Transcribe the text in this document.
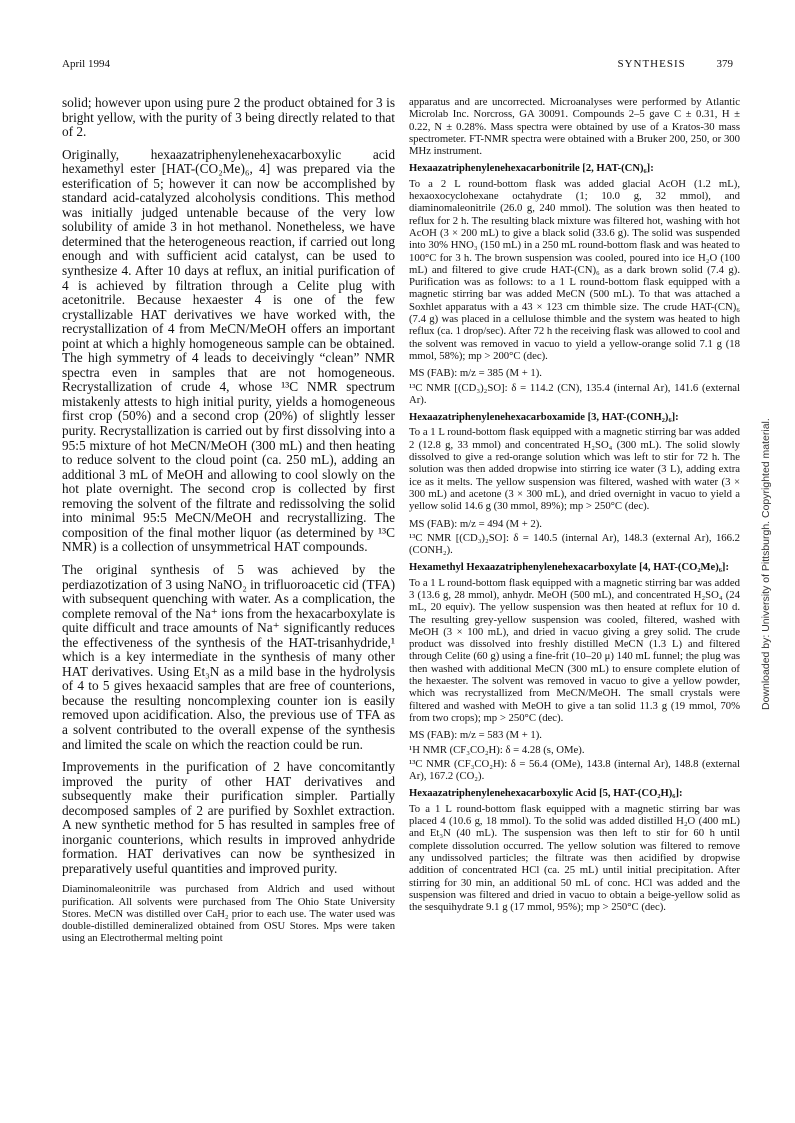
April 1994	SYNTHESIS	379

solid; however upon using pure 2 the product obtained for 3 is bright yellow, with the purity of 3 being directly related to that of 2.

Originally, hexaazatriphenylenehexacarboxylic acid hexamethyl ester [HAT-(CO₂Me)₆, 4] was prepared via the esterification of 5; however it can now be accomplished by standard acid-catalyzed alcoholysis conditions. This method was initially judged untenable because of the very low solubility of amide 3 in hot methanol. Nonetheless, we have determined that the heterogeneous reaction, if carried out long enough and with sufficient acid catalyst, can be used to synthesize 4. After 10 days at reflux, an initial purification of 4 is achieved by filtration through a Celite plug with acetonitrile. Because hexaester 4 is one of the few crystallizable HAT derivatives we have worked with, the recrystallization of 4 from MeCN/MeOH offers an important point at which a highly homogeneous sample can be obtained. The high symmetry of 4 leads to deceivingly “clean” NMR spectra even in samples that are not homogeneous. Recrystallization of crude 4, whose ¹³C NMR spectrum mistakenly attests to high initial purity, yields a homogeneous first crop (50%) and a second crop (20%) of slightly lesser purity. Recrystallization is carried out by first dissolving into a 95:5 mixture of hot MeCN/MeOH (300 mL) and then heating to reduce solvent to the cloud point (ca. 250 mL), adding an additional 3 mL of MeOH and allowing to cool slowly on the hot plate overnight. The second crop is collected by first removing the solvent of the filtrate and redissolving the solid into minimal 95:5 MeCN/MeOH and recrystallizing. The composition of the final mother liquor (as determined by ¹³C NMR) is a collection of unsymmetrical HAT compounds.

The original synthesis of 5 was achieved by the perdiazotization of 3 using NaNO₂ in trifluoroacetic cid (TFA) with subsequent quenching with water. As a complication, the complete removal of the Na⁺ ions from the hexacarboxylate is quite difficult and trace amounts of Na⁺ significantly reduces the effectiveness of the synthesis of the HAT-trisanhydride,¹ which is a key intermediate in the synthesis of many other HAT derivatives. Using Et₃N as a mild base in the hydrolysis of 4 to 5 gives hexaacid samples that are free of counterions, because the resulting noncomplexing counter ion is easily removed upon acidification. Also, the previous use of TFA as a solvent contributed to the overall expense of the synthesis and limited the scale on which the reaction could be run.

Improvements in the purification of 2 have concomitantly improved the purity of other HAT derivatives and subsequently make their purification simpler. Partially decomposed samples of 2 are purified by Soxhlet extraction. A new synthetic method for 5 has resulted in samples free of inorganic counterions, which results in improved anhydride formation. HAT derivatives can now be synthesized in preparatively useful quantities and improved purity.

Diaminomaleonitrile was purchased from Aldrich and used without purification. All solvents were purchased from The Ohio State University Stores. MeCN was distilled over CaH₂ prior to each use. The water used was double-distilled demineralized obtained from OSU Stores. Mps were taken using an Electrothermal melting point

apparatus and are uncorrected. Microanalyses were performed by Atlantic Microlab Inc. Norcross, GA 30091. Compounds 2–5 gave C ± 0.31, H ± 0.22, N ± 0.28%. Mass spectra were obtained by use of a Kratos-30 mass spectrometer. FT-NMR spectra were obtained with a Bruker 200, 250, or 300 MHz instrument.

Hexaazatriphenylenehexacarbonitrile [2, HAT-(CN)₆]:

To a 2 L round-bottom flask was added glacial AcOH (1.2 mL), hexaoxocyclohexane octahydrate (1; 10.0 g, 32 mmol), and diaminomaleonitrile (26.0 g, 240 mmol). The solution was then heated to reflux for 2 h. The resulting black mixture was filtered hot, washing with hot AcOH (3 × 200 mL) to give a black solid (33.6 g). The solid was suspended into 30% HNO₃ (150 mL) in a 250 mL round-bottom flask and was heated to 100°C for 3 h. The brown suspension was cooled, poured into ice H₂O (100 mL) and filtered to give crude HAT-(CN)₆ as a dark brown solid (7.4 g). Purification was as follows: to a 1 L round-bottom flask equipped with a magnetic stirring bar was added MeCN (500 mL). To that was attached a Soxhlet apparatus with a 43 × 123 cm thimble size. The crude HAT-(CN)₆ (7.4 g) was placed in a cellulose thimble and the system was heated to high reflux (ca. 1 drop/sec). After 72 h the receiving flask was allowed to cool and the solvent was removed in vacuo to yield a yellow-orange solid 7.1 g (18 mmol, 58%); mp > 200°C (dec).

MS (FAB): m/z = 385 (M + 1).

¹³C NMR [(CD₃)₂SO]: δ = 114.2 (CN), 135.4 (internal Ar), 141.6 (external Ar).

Hexaazatriphenylenehexacarboxamide [3, HAT-(CONH₂)₆]:

To a 1 L round-bottom flask equipped with a magnetic stirring bar was added 2 (12.8 g, 33 mmol) and concentrated H₂SO₄ (300 mL). The solid slowly dissolved to give a red-orange solution which was left to stir for 72 h. The solution was then added dropwise into stirring ice water (3 L), adding extra ice as it melts. The yellow suspension was filtered, washed with water (3 × 300 mL) and acetone (3 × 300 mL), and dried overnight in vacuo to yield a yellow solid 14.6 g (30 mmol, 89%); mp > 250°C (dec).

MS (FAB): m/z = 494 (M + 2).

¹³C NMR [(CD₃)₂SO]: δ = 140.5 (internal Ar), 148.3 (external Ar), 166.2 (CONH₂).

Hexamethyl Hexaazatriphenylenehexacarboxylate [4, HAT-(CO₂Me)₆]:

To a 1 L round-bottom flask equipped with a magnetic stirring bar was added 3 (13.6 g, 28 mmol), anhydr. MeOH (500 mL), and concentrated H₂SO₄ (24 mL, 20 equiv). The yellow suspension was then heated at reflux for 10 d. The resulting grey-yellow suspension was cooled, filtered, washed with MeOH (3 × 100 mL), and dried in vacuo giving a grey solid. The crude product was dissolved into freshly distilled MeCN (1.3 L) and filtered through Celite (60 g) using a fine-frit (10–20 μ) 140 mL funnel; the plug was then washed with additional MeCN (300 mL) to ensure complete elution of the hexaester. The solvent was removed in vacuo to give a yellow powder, which was recrystallized from MeCN/MeOH. The small crystals were filtered and washed with MeOH to give a tan solid 11.3 g (19 mmol, 70% from two crops); mp > 250°C (dec).

MS (FAB): m/z = 583 (M + 1).

¹H NMR (CF₃CO₂H): δ = 4.28 (s, OMe).

¹³C NMR (CF₃CO₂H): δ = 56.4 (OMe), 143.8 (internal Ar), 148.8 (external Ar), 167.2 (CO₂).

Hexaazatriphenylenehexacarboxylic Acid [5, HAT-(CO₂H)₆]:

To a 1 L round-bottom flask equipped with a magnetic stirring bar was placed 4 (10.6 g, 18 mmol). To the solid was added distilled H₂O (400 mL) and Et₃N (40 mL). The suspension was then left to stir for 60 h until complete dissolution occurred. The yellow solution was filtered to remove any undissolved particles; the filtrate was then acidified by dropwise addition of concentrated HCl (ca. 25 mL) until initial precipitation. After stirring for 30 min, an additional 50 mL of conc. HCl was added and the suspension was filtered and dried in vacuo to obtain a beige-yellow solid as the sesquihydrate 9.1 g (17 mmol, 95%); mp > 250°C (dec).

Downloaded by: University of Pittsburgh. Copyrighted material.
